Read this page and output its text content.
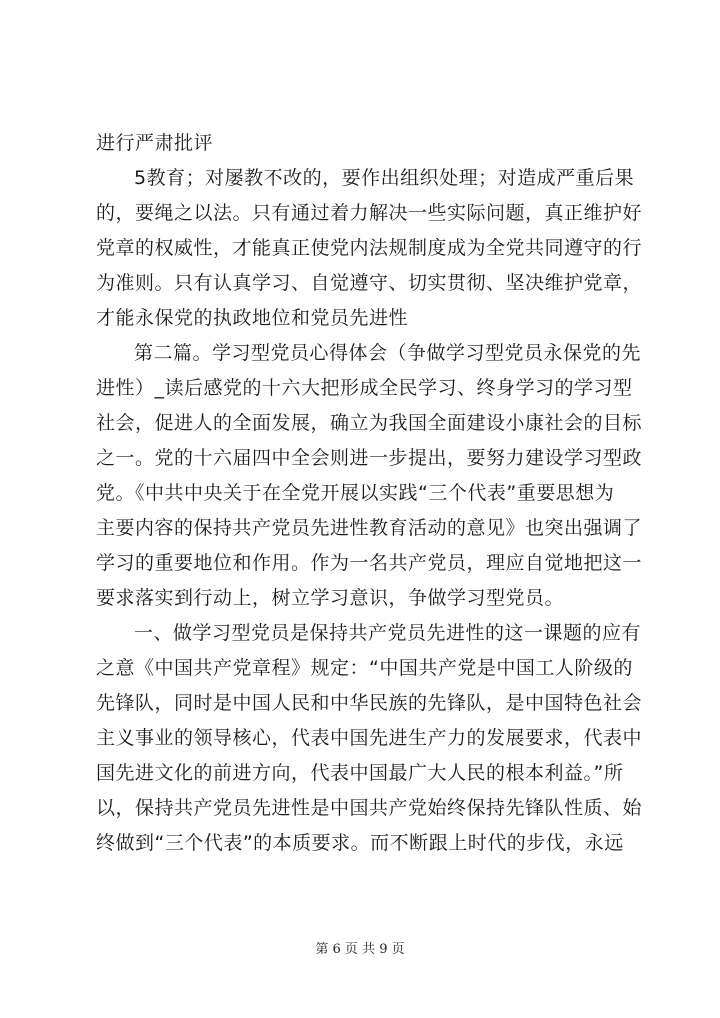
进行严肃批评
5教育；对屡教不改的，要作出组织处理；对造成严重后果
的，要绳之以法。只有通过着力解决一些实际问题，真正维护好
党章的权威性，才能真正使党内法规制度成为全党共同遵守的行
为准则。只有认真学习、自觉遵守、切实贯彻、坚决维护党章，
才能永保党的执政地位和党员先进性
第二篇。学习型党员心得体会（争做学习型党员永保党的先
进性）_读后感党的十六大把形成全民学习、终身学习的学习型
社会，促进人的全面发展，确立为我国全面建设小康社会的目标
之一。党的十六届四中全会则进一步提出，要努力建设学习型政
党。《中共中央关于在全党开展以实践“三个代表”重要思想为
主要内容的保持共产党员先进性教育活动的意见》也突出强调了
学习的重要地位和作用。作为一名共产党员，理应自觉地把这一
要求落实到行动上，树立学习意识，争做学习型党员。
一、做学习型党员是保持共产党员先进性的这一课题的应有
之意《中国共产党章程》规定：“中国共产党是中国工人阶级的
先锋队，同时是中国人民和中华民族的先锋队，是中国特色社会
主义事业的领导核心，代表中国先进生产力的发展要求，代表中
国先进文化的前进方向，代表中国最广大人民的根本利益。”所
以，保持共产党员先进性是中国共产党始终保持先锋队性质、始
终做到“三个代表”的本质要求。而不断跟上时代的步伐，永远
第 6 页 共 9 页
